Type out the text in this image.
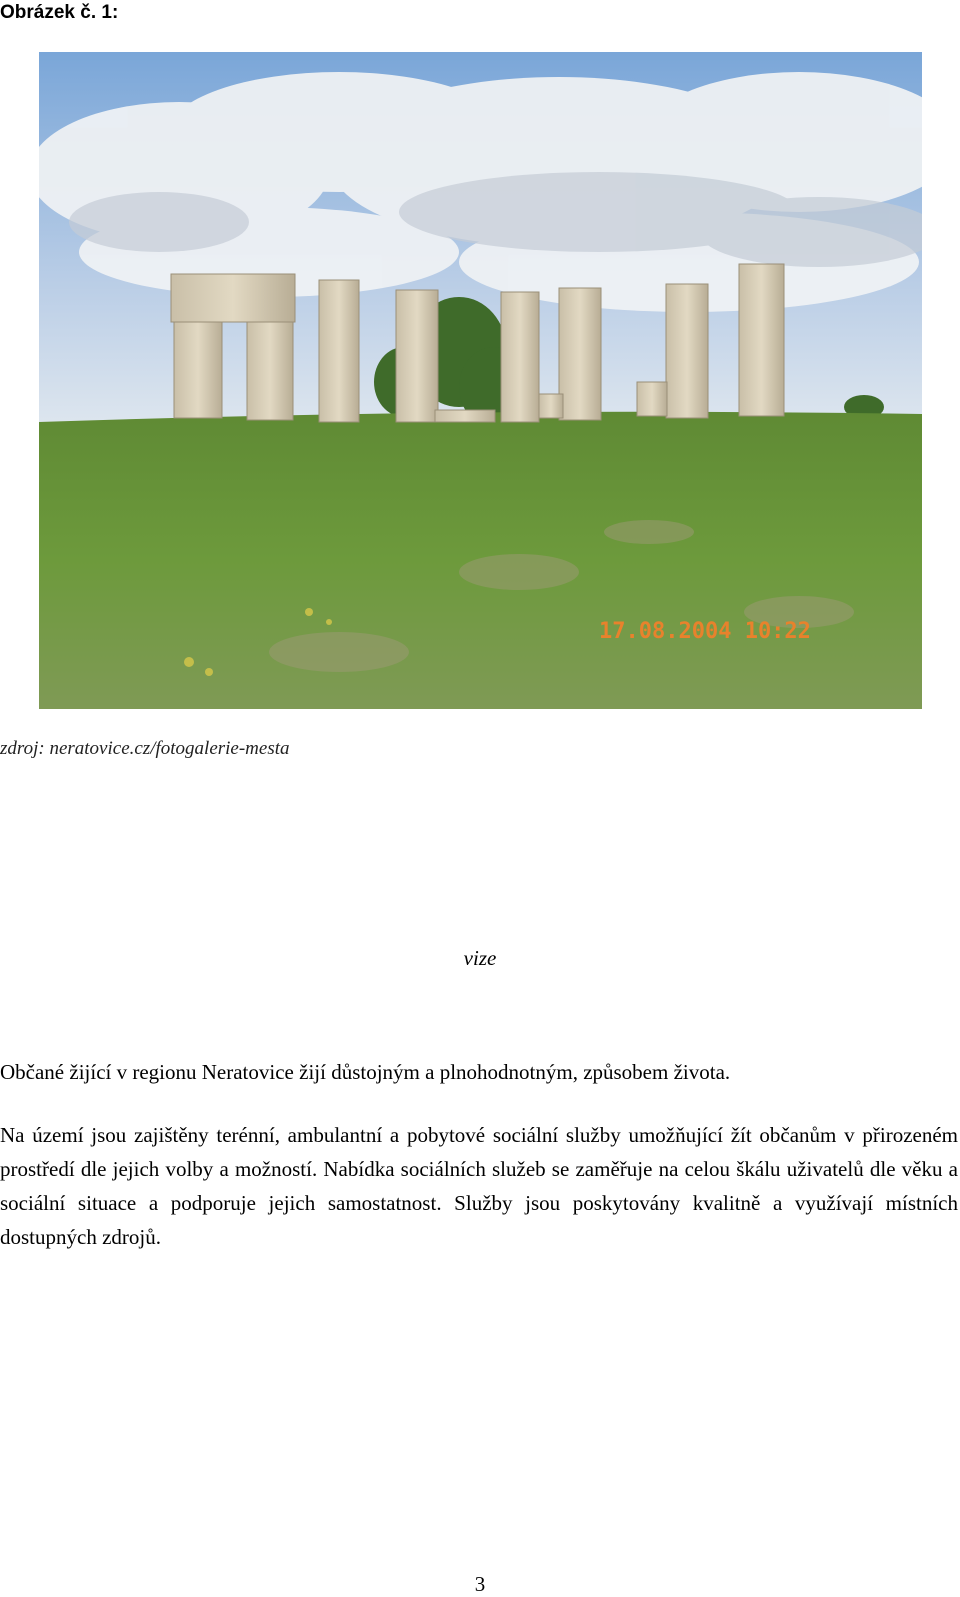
Obrázek č. 1:
17.08.2004 10:22
zdroj: neratovice.cz/fotogalerie-mesta
vize
Občané žijící v regionu Neratovice žijí důstojným a plnohodnotným, způsobem života.
Na území jsou zajištěny terénní, ambulantní a pobytové sociální služby umožňující žít občanům v přirozeném prostředí dle jejich volby a možností. Nabídka sociálních služeb se zaměřuje na celou škálu uživatelů dle věku a sociální situace a podporuje jejich samostatnost. Služby jsou poskytovány kvalitně a využívají místních dostupných zdrojů.
3
